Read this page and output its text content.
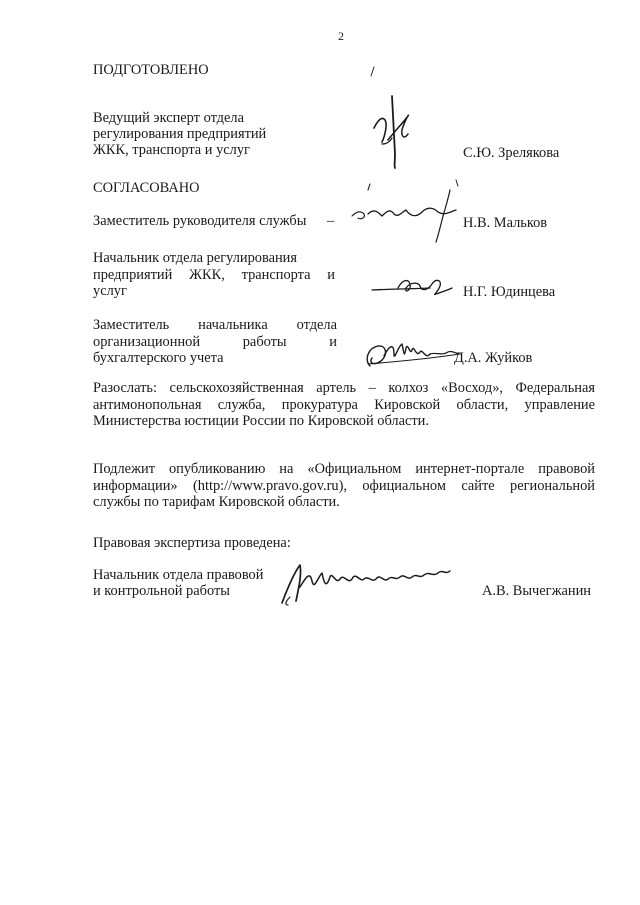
2
ПОДГОТОВЛЕНО
Ведущий эксперт отдела
регулирования предприятий
ЖКК, транспорта и услуг	С.Ю. Зрелякова
СОГЛАСОВАНО
Заместитель руководителя службы –	Н.В. Мальков
Начальник отдела регулирования
предприятий ЖКК, транспорта и
услуг	Н.Г. Юдинцева
Заместитель начальника отдела
организационной работы и
бухгалтерского учета	Д.А. Жуйков
Разослать: сельскохозяйственная артель – колхоз «Восход», Федеральная антимонопольная служба, прокуратура Кировской области, управление Министерства юстиции России по Кировской области.
Подлежит опубликованию на «Официальном интернет-портале правовой информации» (http://www.pravo.gov.ru), официальном сайте региональной службы по тарифам Кировской области.
Правовая экспертиза проведена:
Начальник отдела правовой
и контрольной работы	А.В. Вычегжанин
